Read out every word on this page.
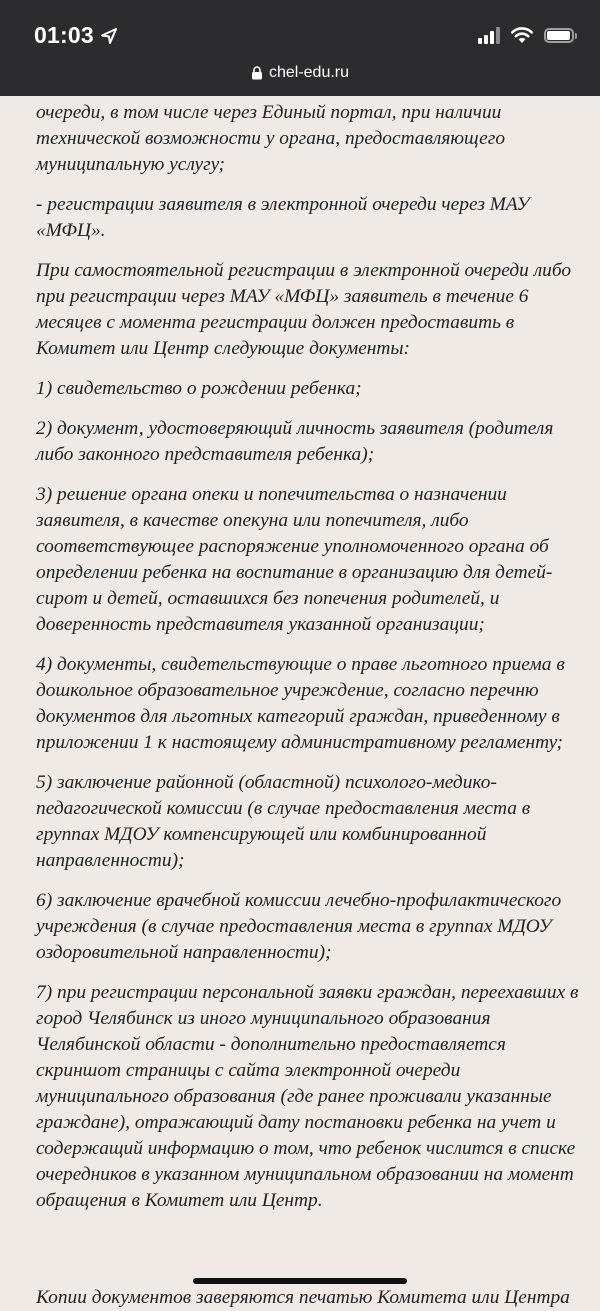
01:03
chel-edu.ru

очереди, в том числе через Единый портал, при наличии технической возможности у органа, предоставляющего муниципальную услугу;

- регистрации заявителя в электронной очереди через МАУ «МФЦ».

При самостоятельной регистрации в электронной очереди либо при регистрации через МАУ «МФЦ» заявитель в течение 6 месяцев с момента регистрации должен предоставить в Комитет или Центр следующие документы:

1) свидетельство о рождении ребенка;

2) документ, удостоверяющий личность заявителя (родителя либо законного представителя ребенка);

3) решение органа опеки и попечительства о назначении заявителя, в качестве опекуна или попечителя, либо соответствующее распоряжение уполномоченного органа об определении ребенка на воспитание в организацию для детей-сирот и детей, оставшихся без попечения родителей, и доверенность представителя указанной организации;

4) документы, свидетельствующие о праве льготного приема в дошкольное образовательное учреждение, согласно перечню документов для льготных категорий граждан, приведенному в приложении 1 к настоящему административному регламенту;

5) заключение районной (областной) психолого-медико-педагогической комиссии (в случае предоставления места в группах МДОУ компенсирующей или комбинированной направленности);

6) заключение врачебной комиссии лечебно-профилактического учреждения (в случае предоставления места в группах МДОУ оздоровительной направленности);

7) при регистрации персональной заявки граждан, переехавших в город Челябинск из иного муниципального образования Челябинской области - дополнительно предоставляется скриншот страницы с сайта электронной очереди муниципального образования (где ранее проживали указанные граждане), отражающий дату постановки ребенка на учет и содержащий информацию о том, что ребенок числится в списке очередников в указанном муниципальном образовании на момент обращения в Комитет или Центр.

Копии документов заверяются печатью Комитета или Центра
